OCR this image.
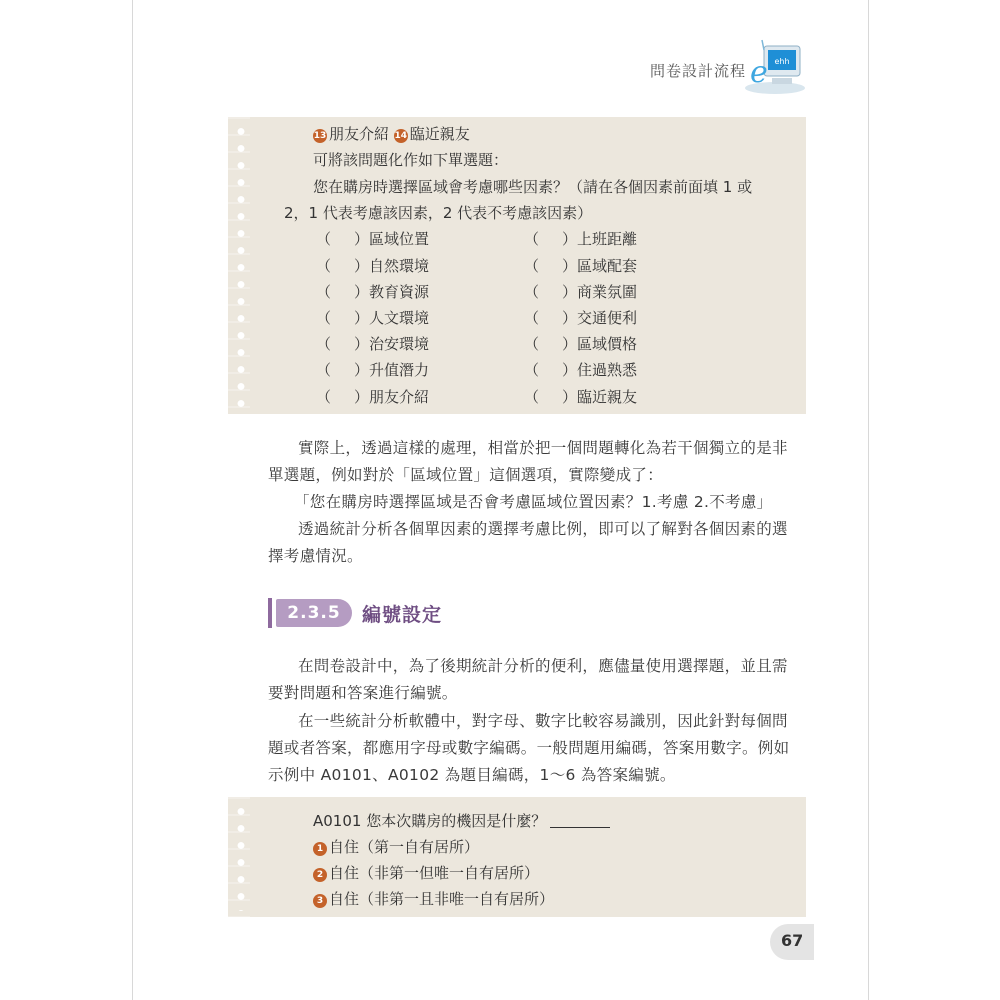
問卷設計流程
ehh
e
13 朋友介紹 14 臨近親友
可將該問題化作如下單選題：
您在購房時選擇區域會考慮哪些因素？（請在各個因素前面填 1 或
2，1 代表考慮該因素，2 代表不考慮該因素）
（ ）區域位置
（ ）自然環境
（ ）教育資源
（ ）人文環境
（ ）治安環境
（ ）升值潛力
（ ）朋友介紹
（ ）上班距離
（ ）區域配套
（ ）商業氛圍
（ ）交通便利
（ ）區域價格
（ ）住過熟悉
（ ）臨近親友
實際上，透過這樣的處理，相當於把一個問題轉化為若干個獨立的是非
單選題，例如對於「區域位置」這個選項，實際變成了：
「您在購房時選擇區域是否會考慮區域位置因素？1.考慮 2.不考慮」
透過統計分析各個單因素的選擇考慮比例，即可以了解對各個因素的選
擇考慮情況。
2.3.5	編號設定
在問卷設計中，為了後期統計分析的便利，應儘量使用選擇題，並且需
要對問題和答案進行編號。
在一些統計分析軟體中，對字母、數字比較容易識別，因此針對每個問
題或者答案，都應用字母或數字編碼。一般問題用編碼，答案用數字。例如
示例中 A0101、A0102 為題目編碼，1～6 為答案編號。
A0101 您本次購房的機因是什麼？
1 自住（第一自有居所）
2 自住（非第一但唯一自有居所）
3 自住（非第一且非唯一自有居所）
67
